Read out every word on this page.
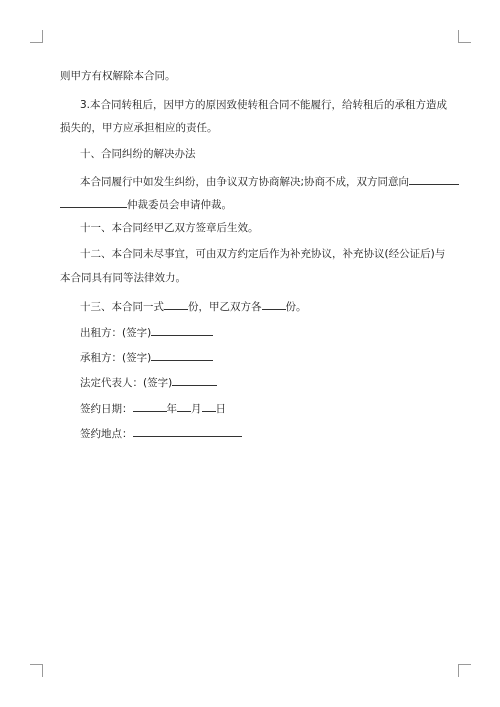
则甲方有权解除本合同。
3.本合同转租后，因甲方的原因致使转租合同不能履行，给转租后的承租方造成
损失的，甲方应承担相应的责任。
十、合同纠纷的解决办法
本合同履行中如发生纠纷，由争议双方协商解决;协商不成，双方同意向
仲裁委员会申请仲裁。
十一、本合同经甲乙双方签章后生效。
十二、本合同未尽事宜，可由双方约定后作为补充协议，补充协议(经公证后)与
本合同具有同等法律效力。
十三、本合同一式 份，甲乙双方各 份。
出租方：(签字)
承租方：(签字)
法定代表人：(签字)
签约日期：	年 月 日
签约地点：
